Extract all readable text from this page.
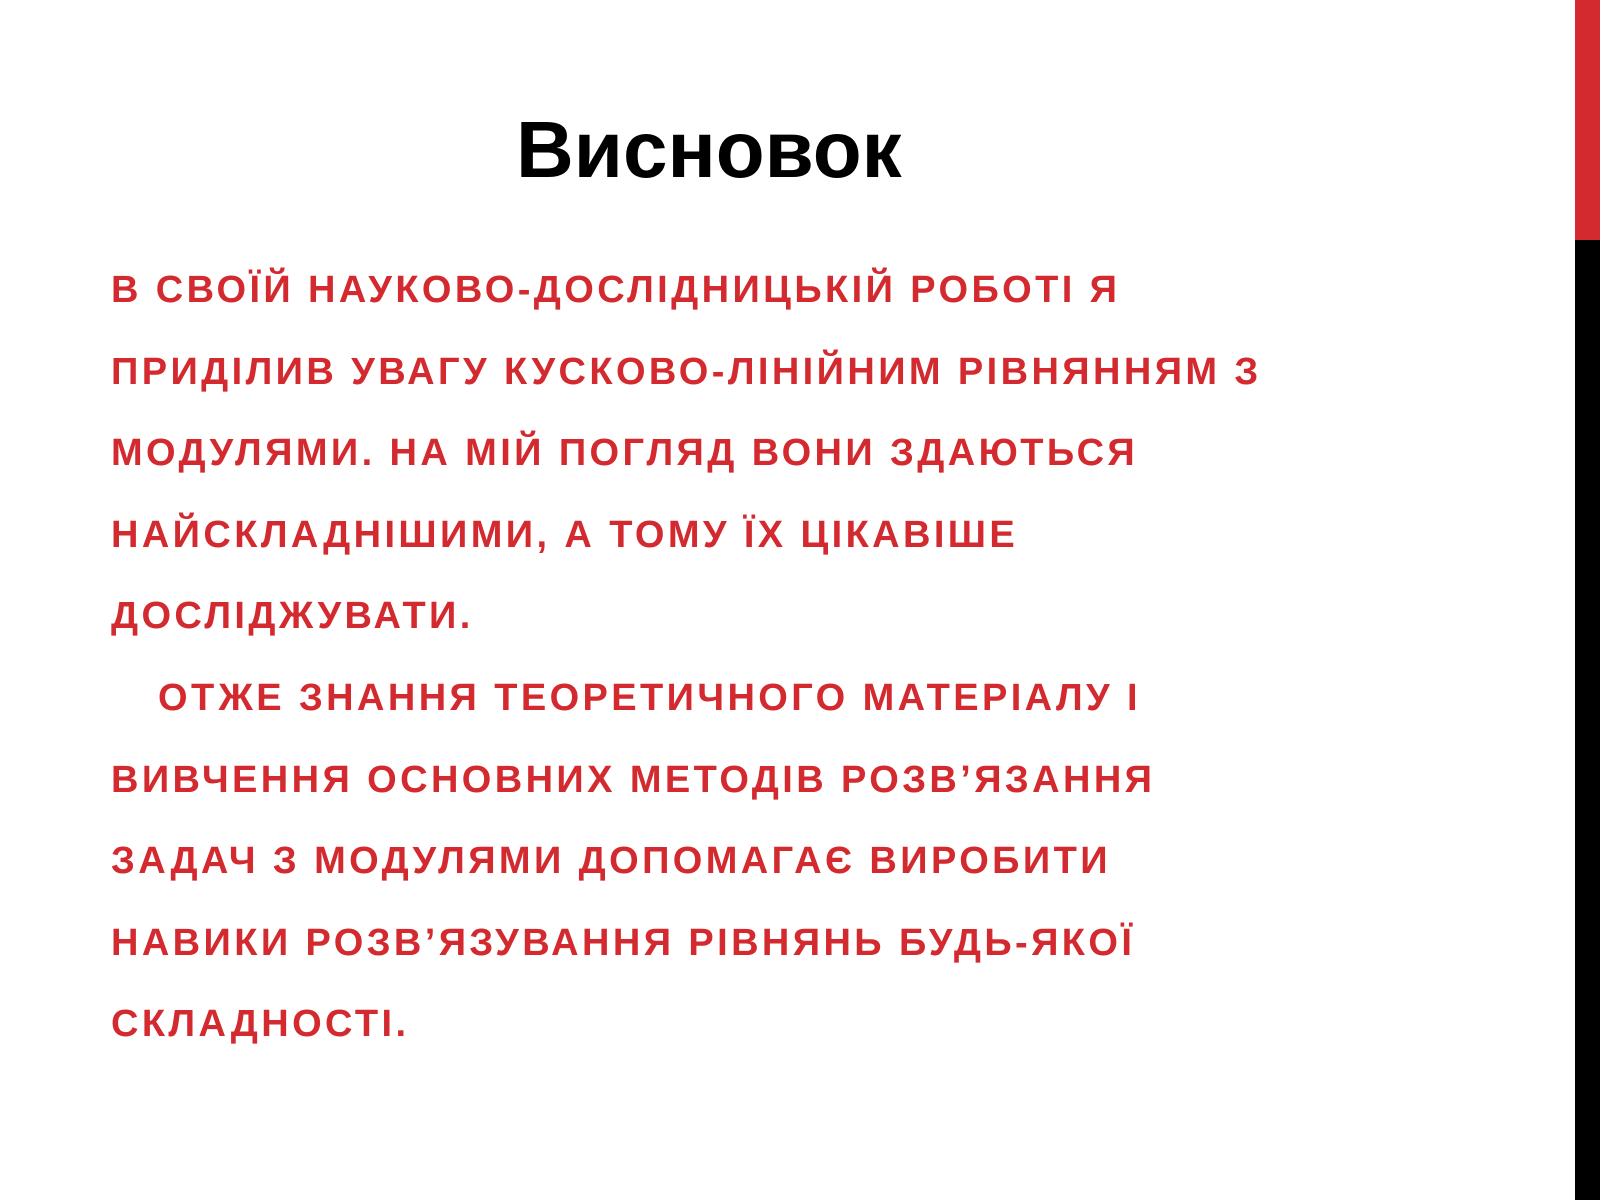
Висновок
В СВОЇЙ НАУКОВО-ДОСЛІДНИЦЬКІЙ РОБОТІ Я
ПРИДІЛИВ УВАГУ КУСКОВО-ЛІНІЙНИМ РІВНЯННЯМ З
МОДУЛЯМИ. НА МІЙ ПОГЛЯД ВОНИ ЗДАЮТЬСЯ
НАЙСКЛАДНІШИМИ, А ТОМУ ЇХ ЦІКАВІШЕ
ДОСЛІДЖУВАТИ.
ОТЖЕ ЗНАННЯ ТЕОРЕТИЧНОГО МАТЕРІАЛУ І
ВИВЧЕННЯ ОСНОВНИХ МЕТОДІВ РОЗВ’ЯЗАННЯ
ЗАДАЧ З МОДУЛЯМИ ДОПОМАГАЄ ВИРОБИТИ
НАВИКИ РОЗВ’ЯЗУВАННЯ РІВНЯНЬ БУДЬ-ЯКОЇ
СКЛАДНОСТІ.
